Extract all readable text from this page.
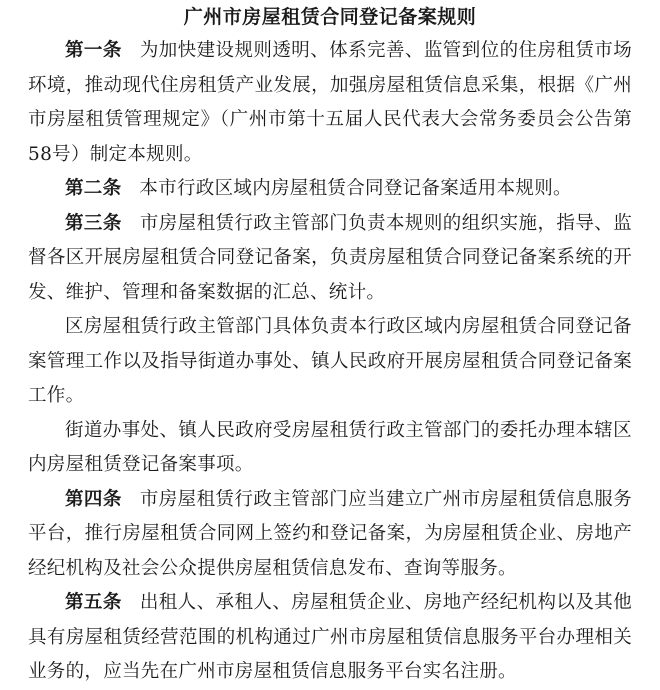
广州市房屋租赁合同登记备案规则

第一条 为加快建设规则透明、体系完善、监管到位的住房租赁市场环境，推动现代住房租赁产业发展，加强房屋租赁信息采集，根据《广州市房屋租赁管理规定》（广州市第十五届人民代表大会常务委员会公告第58号）制定本规则。

第二条 本市行政区域内房屋租赁合同登记备案适用本规则。

第三条 市房屋租赁行政主管部门负责本规则的组织实施，指导、监督各区开展房屋租赁合同登记备案，负责房屋租赁合同登记备案系统的开发、维护、管理和备案数据的汇总、统计。

区房屋租赁行政主管部门具体负责本行政区域内房屋租赁合同登记备案管理工作以及指导街道办事处、镇人民政府开展房屋租赁合同登记备案工作。

街道办事处、镇人民政府受房屋租赁行政主管部门的委托办理本辖区内房屋租赁登记备案事项。

第四条 市房屋租赁行政主管部门应当建立广州市房屋租赁信息服务平台，推行房屋租赁合同网上签约和登记备案，为房屋租赁企业、房地产经纪机构及社会公众提供房屋租赁信息发布、查询等服务。

第五条 出租人、承租人、房屋租赁企业、房地产经纪机构以及其他具有房屋租赁经营范围的机构通过广州市房屋租赁信息服务平台办理相关业务的，应当先在广州市房屋租赁信息服务平台实名注册。
